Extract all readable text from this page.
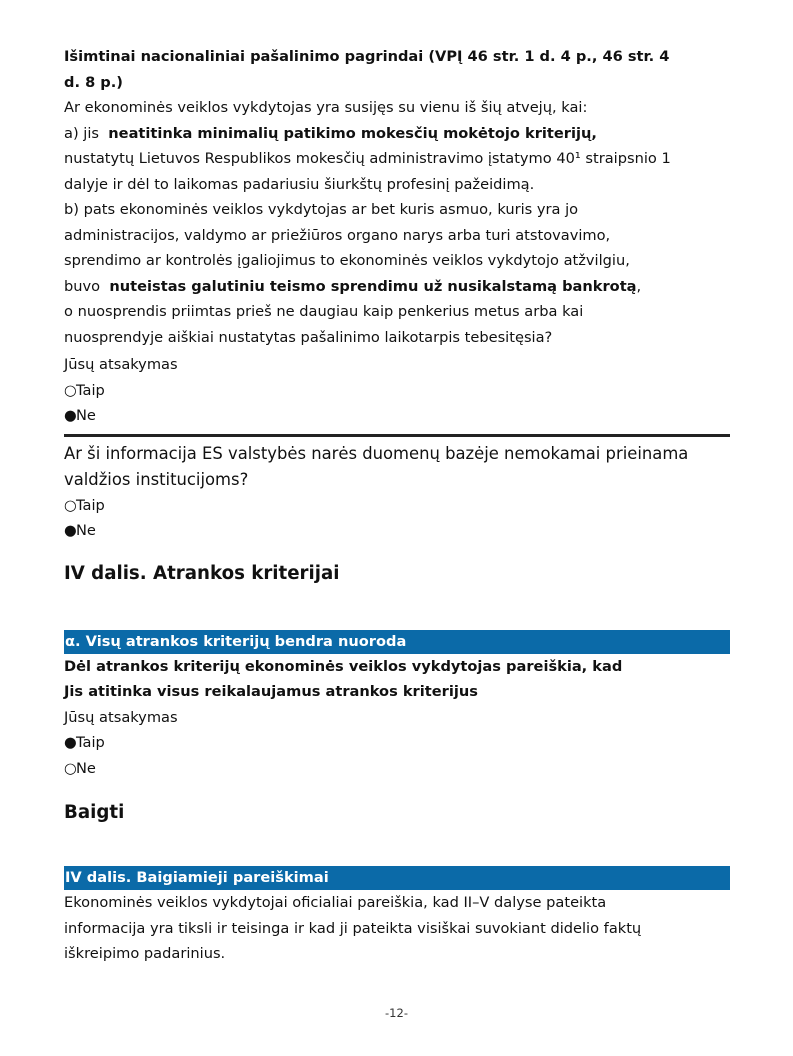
Išimtinai nacionaliniai pašalinimo pagrindai (VPĮ 46 str. 1 d. 4 p., 46 str. 4
d. 8 p.)
Ar ekonominės veiklos vykdytojas yra susijęs su vienu iš šių atvejų, kai:
a) jis neatitinka minimalių patikimo mokesčių mokėtojo kriterijų,
nustatytų Lietuvos Respublikos mokesčių administravimo įstatymo 40¹ straipsnio 1
dalyje ir dėl to laikomas padariusiu šiurkštų profesinį pažeidimą.
b) pats ekonominės veiklos vykdytojas ar bet kuris asmuo, kuris yra jo
administracijos, valdymo ar priežiūros organo narys arba turi atstovavimo,
sprendimo ar kontrolės įgaliojimus to ekonominės veiklos vykdytojo atžvilgiu,
buvo nuteistas galutiniu teismo sprendimu už nusikalstamą bankrotą,
o nuosprendis priimtas prieš ne daugiau kaip penkerius metus arba kai
nuosprendyje aiškiai nustatytas pašalinimo laikotarpis tebesitęsia?
Jūsų atsakymas
○Taip
●Ne
Ar ši informacija ES valstybės narės duomenų bazėje nemokamai prieinama
valdžios institucijoms?
○Taip
●Ne
IV dalis. Atrankos kriterijai
α. Visų atrankos kriterijų bendra nuoroda
Dėl atrankos kriterijų ekonominės veiklos vykdytojas pareiškia, kad
Jis atitinka visus reikalaujamus atrankos kriterijus
Jūsų atsakymas
●Taip
○Ne
Baigti
IV dalis. Baigiamieji pareiškimai
Ekonominės veiklos vykdytojai oficialiai pareiškia, kad II–V dalyse pateikta
informacija yra tiksli ir teisinga ir kad ji pateikta visiškai suvokiant didelio faktų
iškreipimo padarinius.
-12-
